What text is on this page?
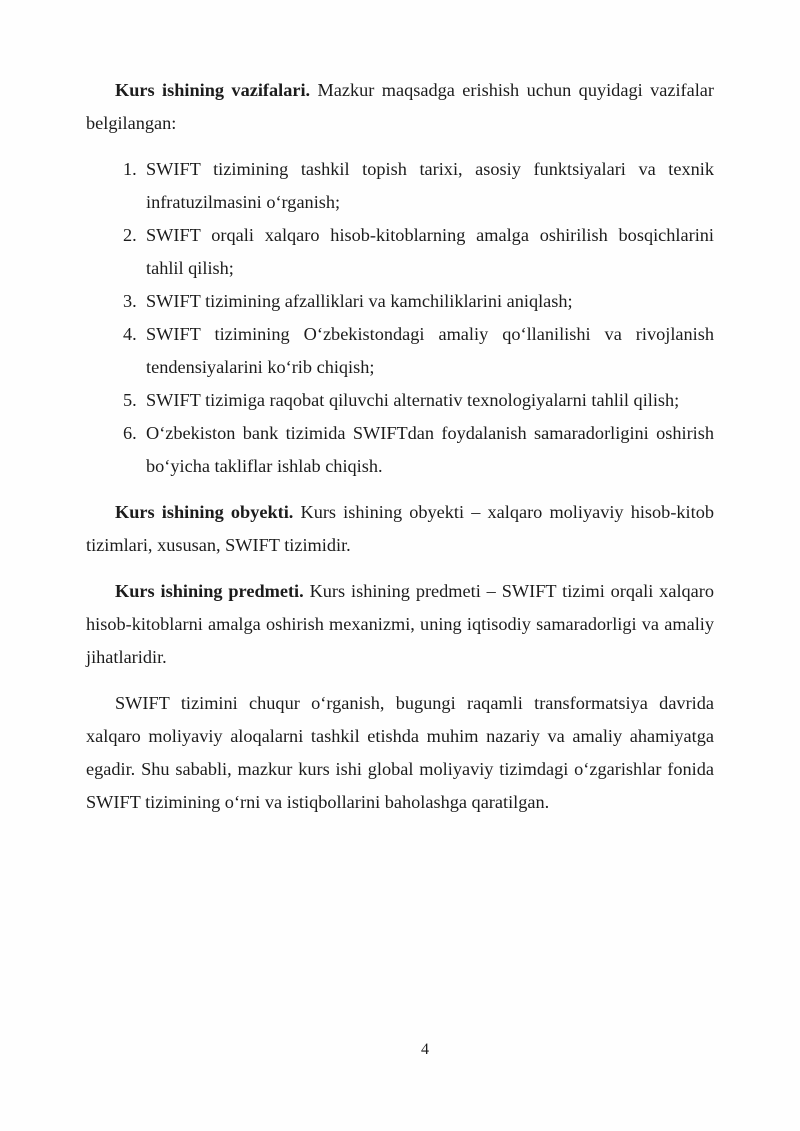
Kurs ishining vazifalari. Mazkur maqsadga erishish uchun quyidagi vazifalar belgilangan:

1. SWIFT tizimining tashkil topish tarixi, asosiy funktsiyalari va texnik infratuzilmasini o‘rganish;
2. SWIFT orqali xalqaro hisob-kitoblarning amalga oshirilish bosqichlarini tahlil qilish;
3. SWIFT tizimining afzalliklari va kamchiliklarini aniqlash;
4. SWIFT tizimining O‘zbekistondagi amaliy qo‘llanilishi va rivojlanish tendensiyalarini ko‘rib chiqish;
5. SWIFT tizimiga raqobat qiluvchi alternativ texnologiyalarni tahlil qilish;
6. O‘zbekiston bank tizimida SWIFTdan foydalanish samaradorligini oshirish bo‘yicha takliflar ishlab chiqish.

Kurs ishining obyekti. Kurs ishining obyekti – xalqaro moliyaviy hisob-kitob tizimlari, xususan, SWIFT tizimidir.

Kurs ishining predmeti. Kurs ishining predmeti – SWIFT tizimi orqali xalqaro hisob-kitoblarni amalga oshirish mexanizmi, uning iqtisodiy samaradorligi va amaliy jihatlaridir.

SWIFT tizimini chuqur o‘rganish, bugungi raqamli transformatsiya davrida xalqaro moliyaviy aloqalarni tashkil etishda muhim nazariy va amaliy ahamiyatga egadir. Shu sababli, mazkur kurs ishi global moliyaviy tizimdagi o‘zgarishlar fonida SWIFT tizimining o‘rni va istiqbollarini baholashga qaratilgan.

4
